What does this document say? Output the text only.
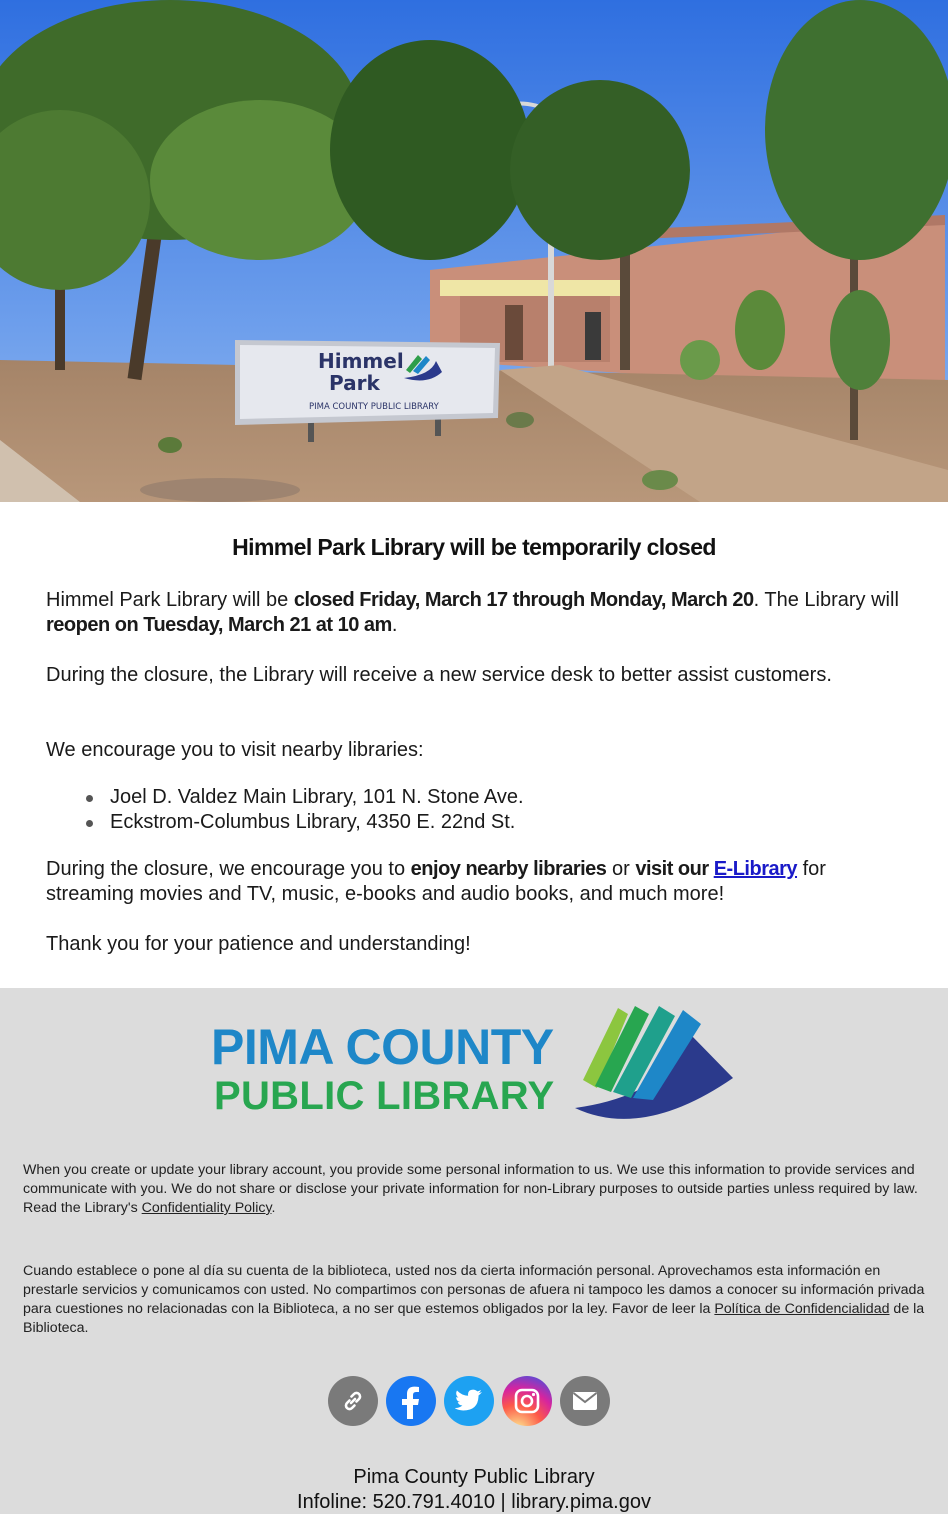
Himmel
Park
PIMA COUNTY PUBLIC LIBRARY
Himmel Park Library will be temporarily closed
Himmel Park Library will be closed Friday, March 17 through Monday, March 20. The Library will reopen on Tuesday, March 21 at 10 am.
During the closure, the Library will receive a new service desk to better assist customers.
We encourage you to visit nearby libraries:
Joel D. Valdez Main Library, 101 N. Stone Ave.
Eckstrom-Columbus Library, 4350 E. 22nd St.
During the closure, we encourage you to enjoy nearby libraries or visit our E-Library for streaming movies and TV, music, e-books and audio books, and much more!
Thank you for your patience and understanding!
PIMA COUNTY
PUBLIC LIBRARY
When you create or update your library account, you provide some personal information to us. We use this information to provide services and communicate with you. We do not share or disclose your private information for non-Library purposes to outside parties unless required by law. Read the Library's Confidentiality Policy.
Cuando establece o pone al día su cuenta de la biblioteca, usted nos da cierta información personal. Aprovechamos esta información en prestarle servicios y comunicamos con usted. No compartimos con personas de afuera ni tampoco les damos a conocer su información privada para cuestiones no relacionadas con la Biblioteca, a no ser que estemos obligados por la ley. Favor de leer la Política de Confidencialidad de la Biblioteca.
Pima County Public Library
Infoline: 520.791.4010 | library.pima.gov
